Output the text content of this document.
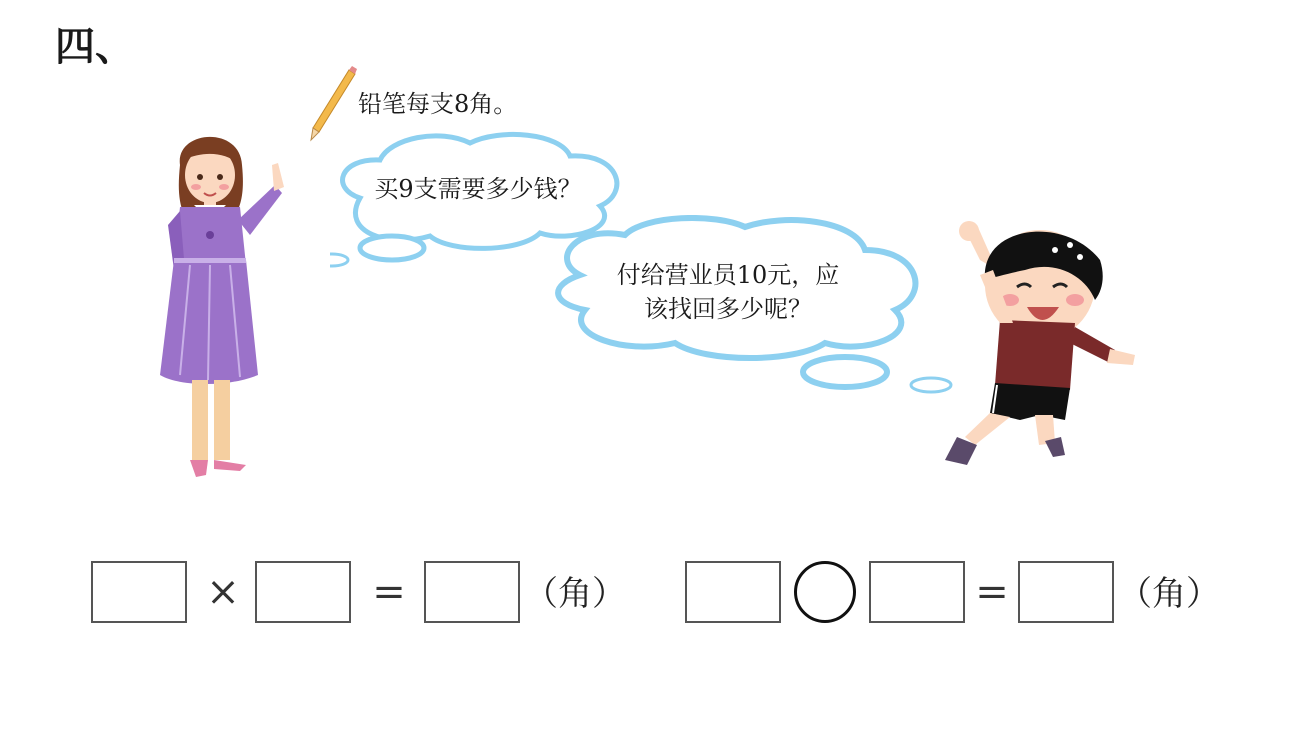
四、
铅笔每支8角。
买9支需要多少钱？
付给营业员10元，应
该找回多少呢？
×	=	（角）	=	（角）
